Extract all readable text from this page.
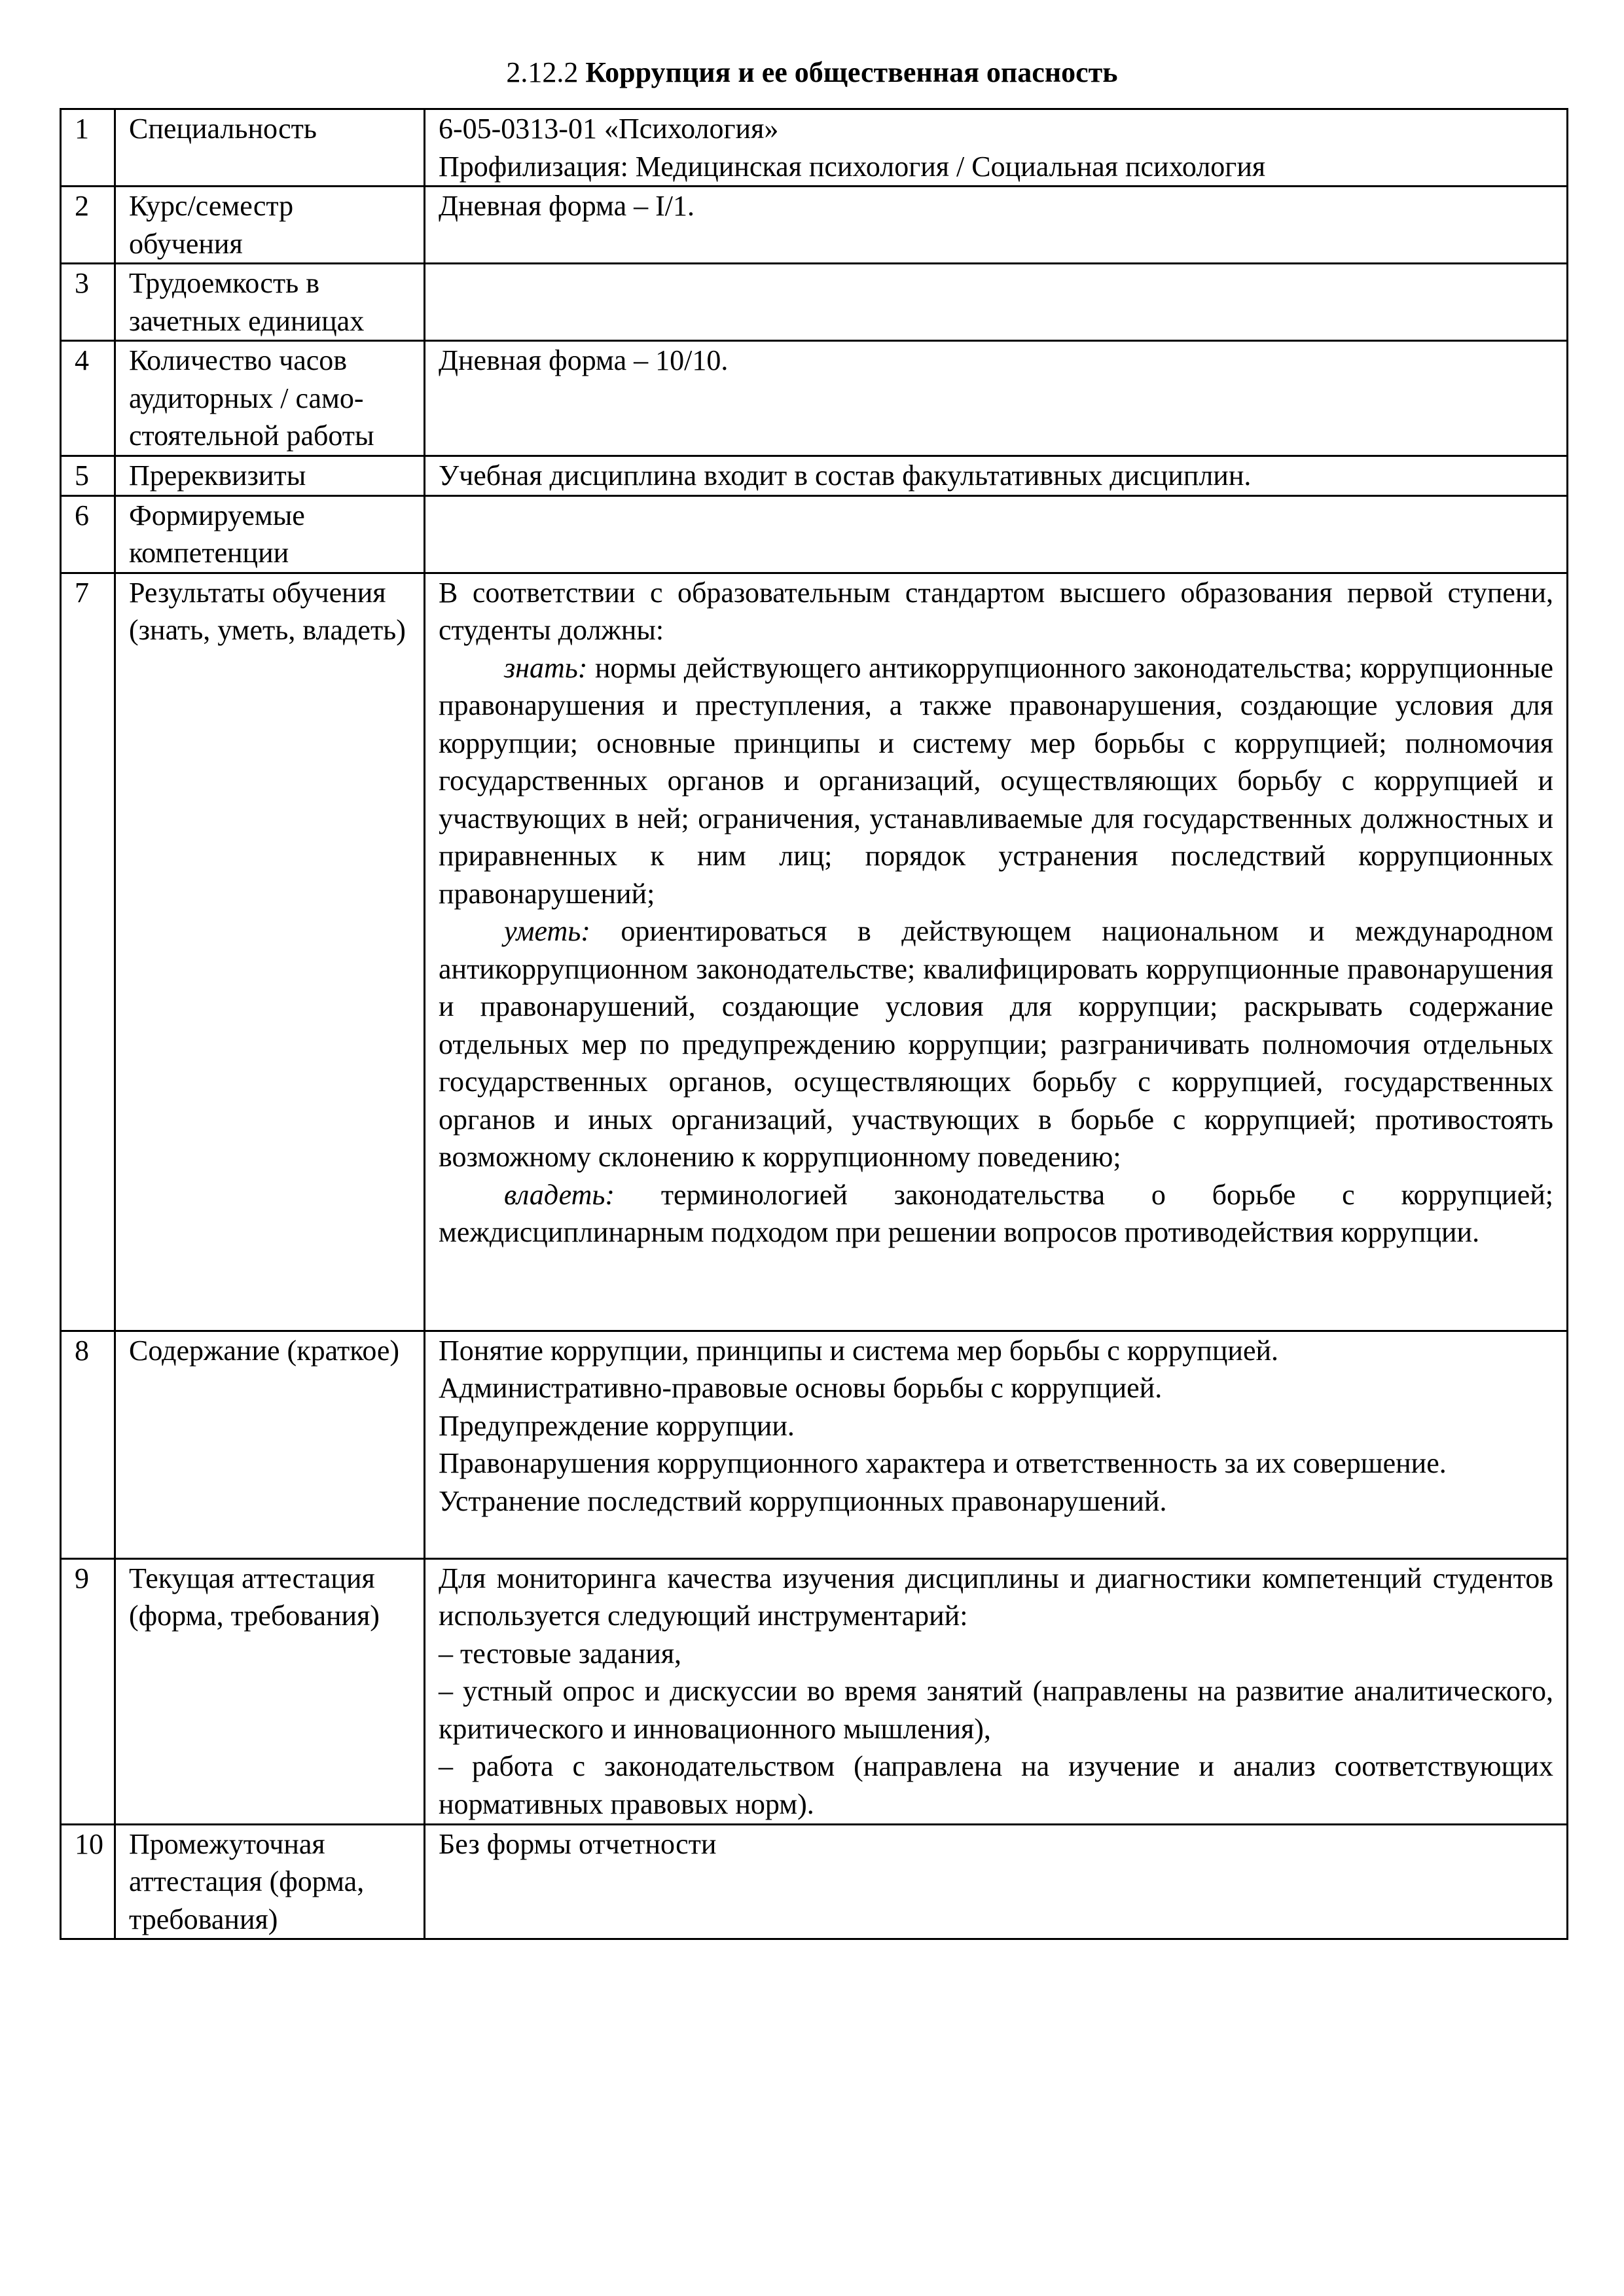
2.12.2 Коррупция и ее общественная опасность
1	Специальность	6-05-0313-01 «Психология»
Профилизация: Медицинская психология / Социальная психология

2	Курс/семестр обучения	Дневная форма – I/1.
3	Трудоемкость в зачетных единицах	
4	Количество часов аудиторных / само-стоятельной работы	Дневная форма – 10/10.
5	Пререквизиты	Учебная дисциплина входит в состав факультативных дисциплин.
6	Формируемые компетенции	
7	Результаты обучения (знать, уметь, владеть)	В соответствии с образовательным стандартом высшего образования первой ступени, студенты должны:

знать: нормы действующего антикоррупционного законодательства; коррупционные правонарушения и преступления, а также правонарушения, создающие условия для коррупции; основные принципы и систему мер борьбы с коррупцией; полномочия государственных органов и организаций, осуществляющих борьбу с коррупцией и участвующих в ней; ограничения, устанавливаемые для государственных должностных и приравненных к ним лиц; порядок устранения последствий коррупционных правонарушений;

уметь: ориентироваться в действующем национальном и международном антикоррупционном законодательстве; квалифицировать коррупционные правонарушения и правонарушений, создающие условия для коррупции; раскрывать содержание отдельных мер по предупреждению коррупции; разграничивать полномочия отдельных государственных органов, осуществляющих борьбу с коррупцией, государственных органов и иных организаций, участвующих в борьбе с коррупцией; противостоять возможному склонению к коррупционному поведению;

владеть: терминологией законодательства о борьбе с коррупцией; междисциплинарным подходом при решении вопросов противодействия коррупции.

8	Содержание (краткое)	Понятие коррупции, принципы и система мер борьбы с коррупцией.

Административно-правовые основы борьбы с коррупцией.

Предупреждение коррупции.

Правонарушения коррупционного характера и ответственность за их совершение.

Устранение последствий коррупционных правонарушений.

9	Текущая аттестация (форма, требования)	Для мониторинга качества изучения дисциплины и диагностики компетенций студентов используется следующий инструментарий:

– тестовые задания,

– устный опрос и дискуссии во время занятий (направлены на развитие аналитического, критического и инновационного мышления),

– работа с законодательством (направлена на изучение и анализ соответствующих нормативных правовых норм).

10	Промежуточная аттестация (форма, требования)	Без формы отчетности
